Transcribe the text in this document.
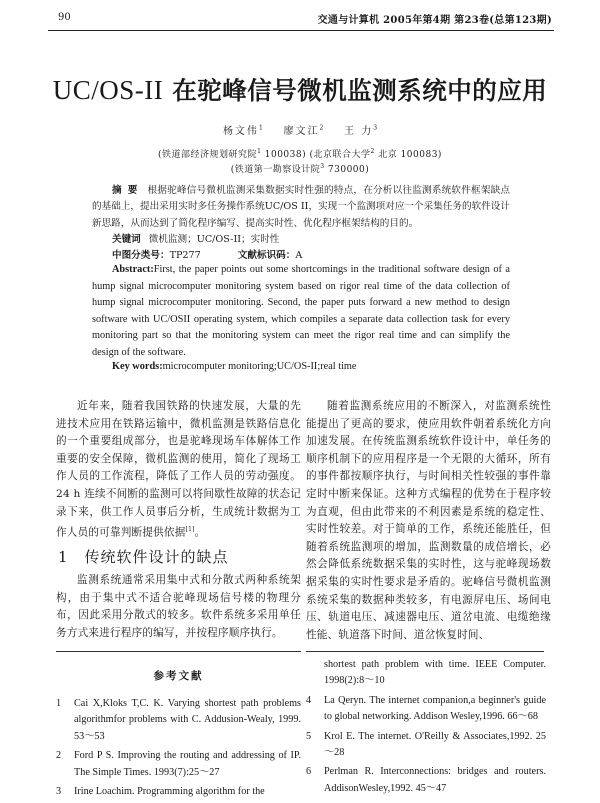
90	交通与计算机 2005年第4期 第23卷(总第123期)
UC/OS-II 在驼峰信号微机监测系统中的应用
杨文伟$^1$ 廖文江$^2$ 王 力$^3$
(铁道部经济规划研究院$^1$ 100038) (北京联合大学$^2$ 北京 100083)
(铁道第一勘察设计院$^3$ 730000)
摘要 根据驼峰信号微机监测采集数据实时性强的特点，在分析以往监测系统软件框架缺点的基础上，提出采用实时多任务操作系统UC/OS II，实现一个监测项对应一个采集任务的软件设计新思路，从而达到了简化程序编写、提高实时性、优化程序框架结构的目的。
关键词 微机监测；UC/OS-II；实时性
中图分类号：TP277	文献标识码：A
Abstract:First, the paper points out some shortcomings in the traditional software design of a hump signal microcomputer monitoring system based on rigor real time of the data collection of hump signal microcomputer monitoring. Second, the paper puts forward a new method to design software with UC/OSII operating system, which compiles a separate data collection task for every monitoring part so that the monitoring system can meet the rigor real time and can simplify the design of the software.
Key words:microcomputer monitoring;UC/OS-II;real time

近年来，随着我国铁路的快速发展，大量的先进技术应用在铁路运输中，微机监测是铁路信息化的一个重要组成部分，也是驼峰现场车体解体工作重要的安全保障，微机监测的使用，简化了现场工作人员的工作流程，降低了工作人员的劳动强度。24 h 连续不间断的监测可以将间歇性故障的状态记录下来，供工作人员事后分析，生成统计数据为工作人员的可靠判断提供依据[1]。

1 传统软件设计的缺点

监测系统通常采用集中式和分散式两种系统架构，由于集中式不适合驼峰现场信号楼的物理分布，因此采用分散式的较多。软件系统多采用单任务方式来进行程序的编写，并按程序顺序执行。

随着监测系统应用的不断深入，对监测系统性能提出了更高的要求，使应用软件朝着系统化方向加速发展。在传统监测系统软件设计中，单任务的顺序机制下的应用程序是一个无限的大循环，所有的事件都按顺序执行，与时间相关性较强的事件靠定时中断来保证。这种方式编程的优势在于程序较为直观，但由此带来的不利因素是系统的稳定性、实时性较差。对于简单的工作，系统还能胜任，但随着系统监测项的增加，监测数量的成倍增长，必然会降低系统数据采集的实时性，这与驼峰现场数据采集的实时性要求是矛盾的。驼峰信号微机监测系统采集的数据种类较多，有电源屏电压、场间电压、轨道电压、减速器电压、道岔电流、电缆绝缘性能、轨道落下时间、道岔恢复时间、

参考文献

1 Cai X,Kloks T,C. K. Varying shortest path problems algorithmfor problems with C. Addusion-Wealy, 1999. 53～53

2 Ford P S. Improving the routing and addressing of IP. The Simple Times. 1993(7):25～27

3 Irine Loachim. Programming algorithm for the

shortest path problem with time. IEEE Computer. 1998(2):8～10

4 La Qeryn. The internet companion,a beginner's guide to global networking. Addison Wesley,1996. 66～68

5 Krol E. The internet. O'Reilly & Associates,1992. 25～28

6 Perlman R. Interconnections: bridges and routers. AddisonWesley,1992. 45～47
